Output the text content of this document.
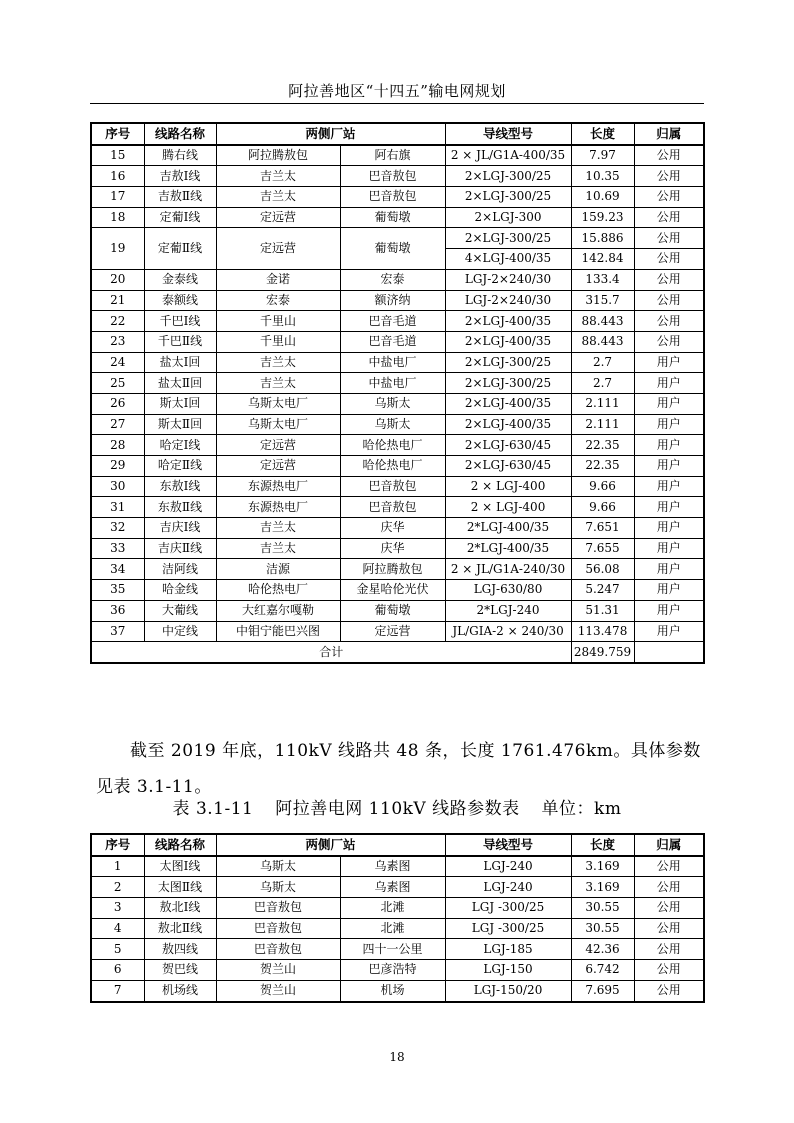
阿拉善地区“十四五”输电网规划
序号	线路名称	两侧厂站		导线型号	长度	归属
15	腾右线	阿拉腾敖包	阿右旗	2 × JL/G1A-400/35	7.97	公用
16	吉敖Ⅰ线	吉兰太	巴音敖包	2×LGJ-300/25	10.35	公用
17	吉敖Ⅱ线	吉兰太	巴音敖包	2×LGJ-300/25	10.69	公用
18	定葡Ⅰ线	定远营	葡萄墩	2×LGJ-300	159.23	公用
19	定葡Ⅱ线	定远营	葡萄墩	2×LGJ-300/25	15.886	公用
				4×LGJ-400/35	142.84	公用
20	金泰线	金诺	宏泰	LGJ-2×240/30	133.4	公用
21	泰额线	宏泰	额济纳	LGJ-2×240/30	315.7	公用
22	千巴Ⅰ线	千里山	巴音毛道	2×LGJ-400/35	88.443	公用
23	千巴Ⅱ线	千里山	巴音毛道	2×LGJ-400/35	88.443	公用
24	盐太Ⅰ回	吉兰太	中盐电厂	2×LGJ-300/25	2.7	用户
25	盐太Ⅱ回	吉兰太	中盐电厂	2×LGJ-300/25	2.7	用户
26	斯太Ⅰ回	乌斯太电厂	乌斯太	2×LGJ-400/35	2.111	用户
27	斯太Ⅱ回	乌斯太电厂	乌斯太	2×LGJ-400/35	2.111	用户
28	哈定Ⅰ线	定远营	哈伦热电厂	2×LGJ-630/45	22.35	用户
29	哈定Ⅱ线	定远营	哈伦热电厂	2×LGJ-630/45	22.35	用户
30	东敖Ⅰ线	东源热电厂	巴音敖包	2 × LGJ-400	9.66	用户
31	东敖Ⅱ线	东源热电厂	巴音敖包	2 × LGJ-400	9.66	用户
32	吉庆Ⅰ线	吉兰太	庆华	2*LGJ-400/35	7.651	用户
33	吉庆Ⅱ线	吉兰太	庆华	2*LGJ-400/35	7.655	用户
34	洁阿线	洁源	阿拉腾敖包	2 × JL/G1A-240/30	56.08	用户
35	哈金线	哈伦热电厂	金星哈伦光伏	LGJ-630/80	5.247	用户
36	大葡线	大红嘉尔嘎勒	葡萄墩	2*LGJ-240	51.31	用户
37	中定线	中钼宁能巴兴图	定远营	JL/GIA-2 × 240/30	113.478	用户
合计					2849.759	

截至 2019 年底，110kV 线路共 48 条，长度 1761.476km。具体参数见表 3.1-11。

表 3.1-11 阿拉善电网 110kV 线路参数表 单位：km
序号	线路名称	两侧厂站		导线型号	长度	归属
1	太图Ⅰ线	乌斯太	乌素图	LGJ-240	3.169	公用
2	太图Ⅱ线	乌斯太	乌素图	LGJ-240	3.169	公用
3	敖北Ⅰ线	巴音敖包	北滩	LGJ -300/25	30.55	公用
4	敖北Ⅱ线	巴音敖包	北滩	LGJ -300/25	30.55	公用
5	敖四线	巴音敖包	四十一公里	LGJ-185	42.36	公用
6	贺巴线	贺兰山	巴彦浩特	LGJ-150	6.742	公用
7	机场线	贺兰山	机场	LGJ-150/20	7.695	公用
18
